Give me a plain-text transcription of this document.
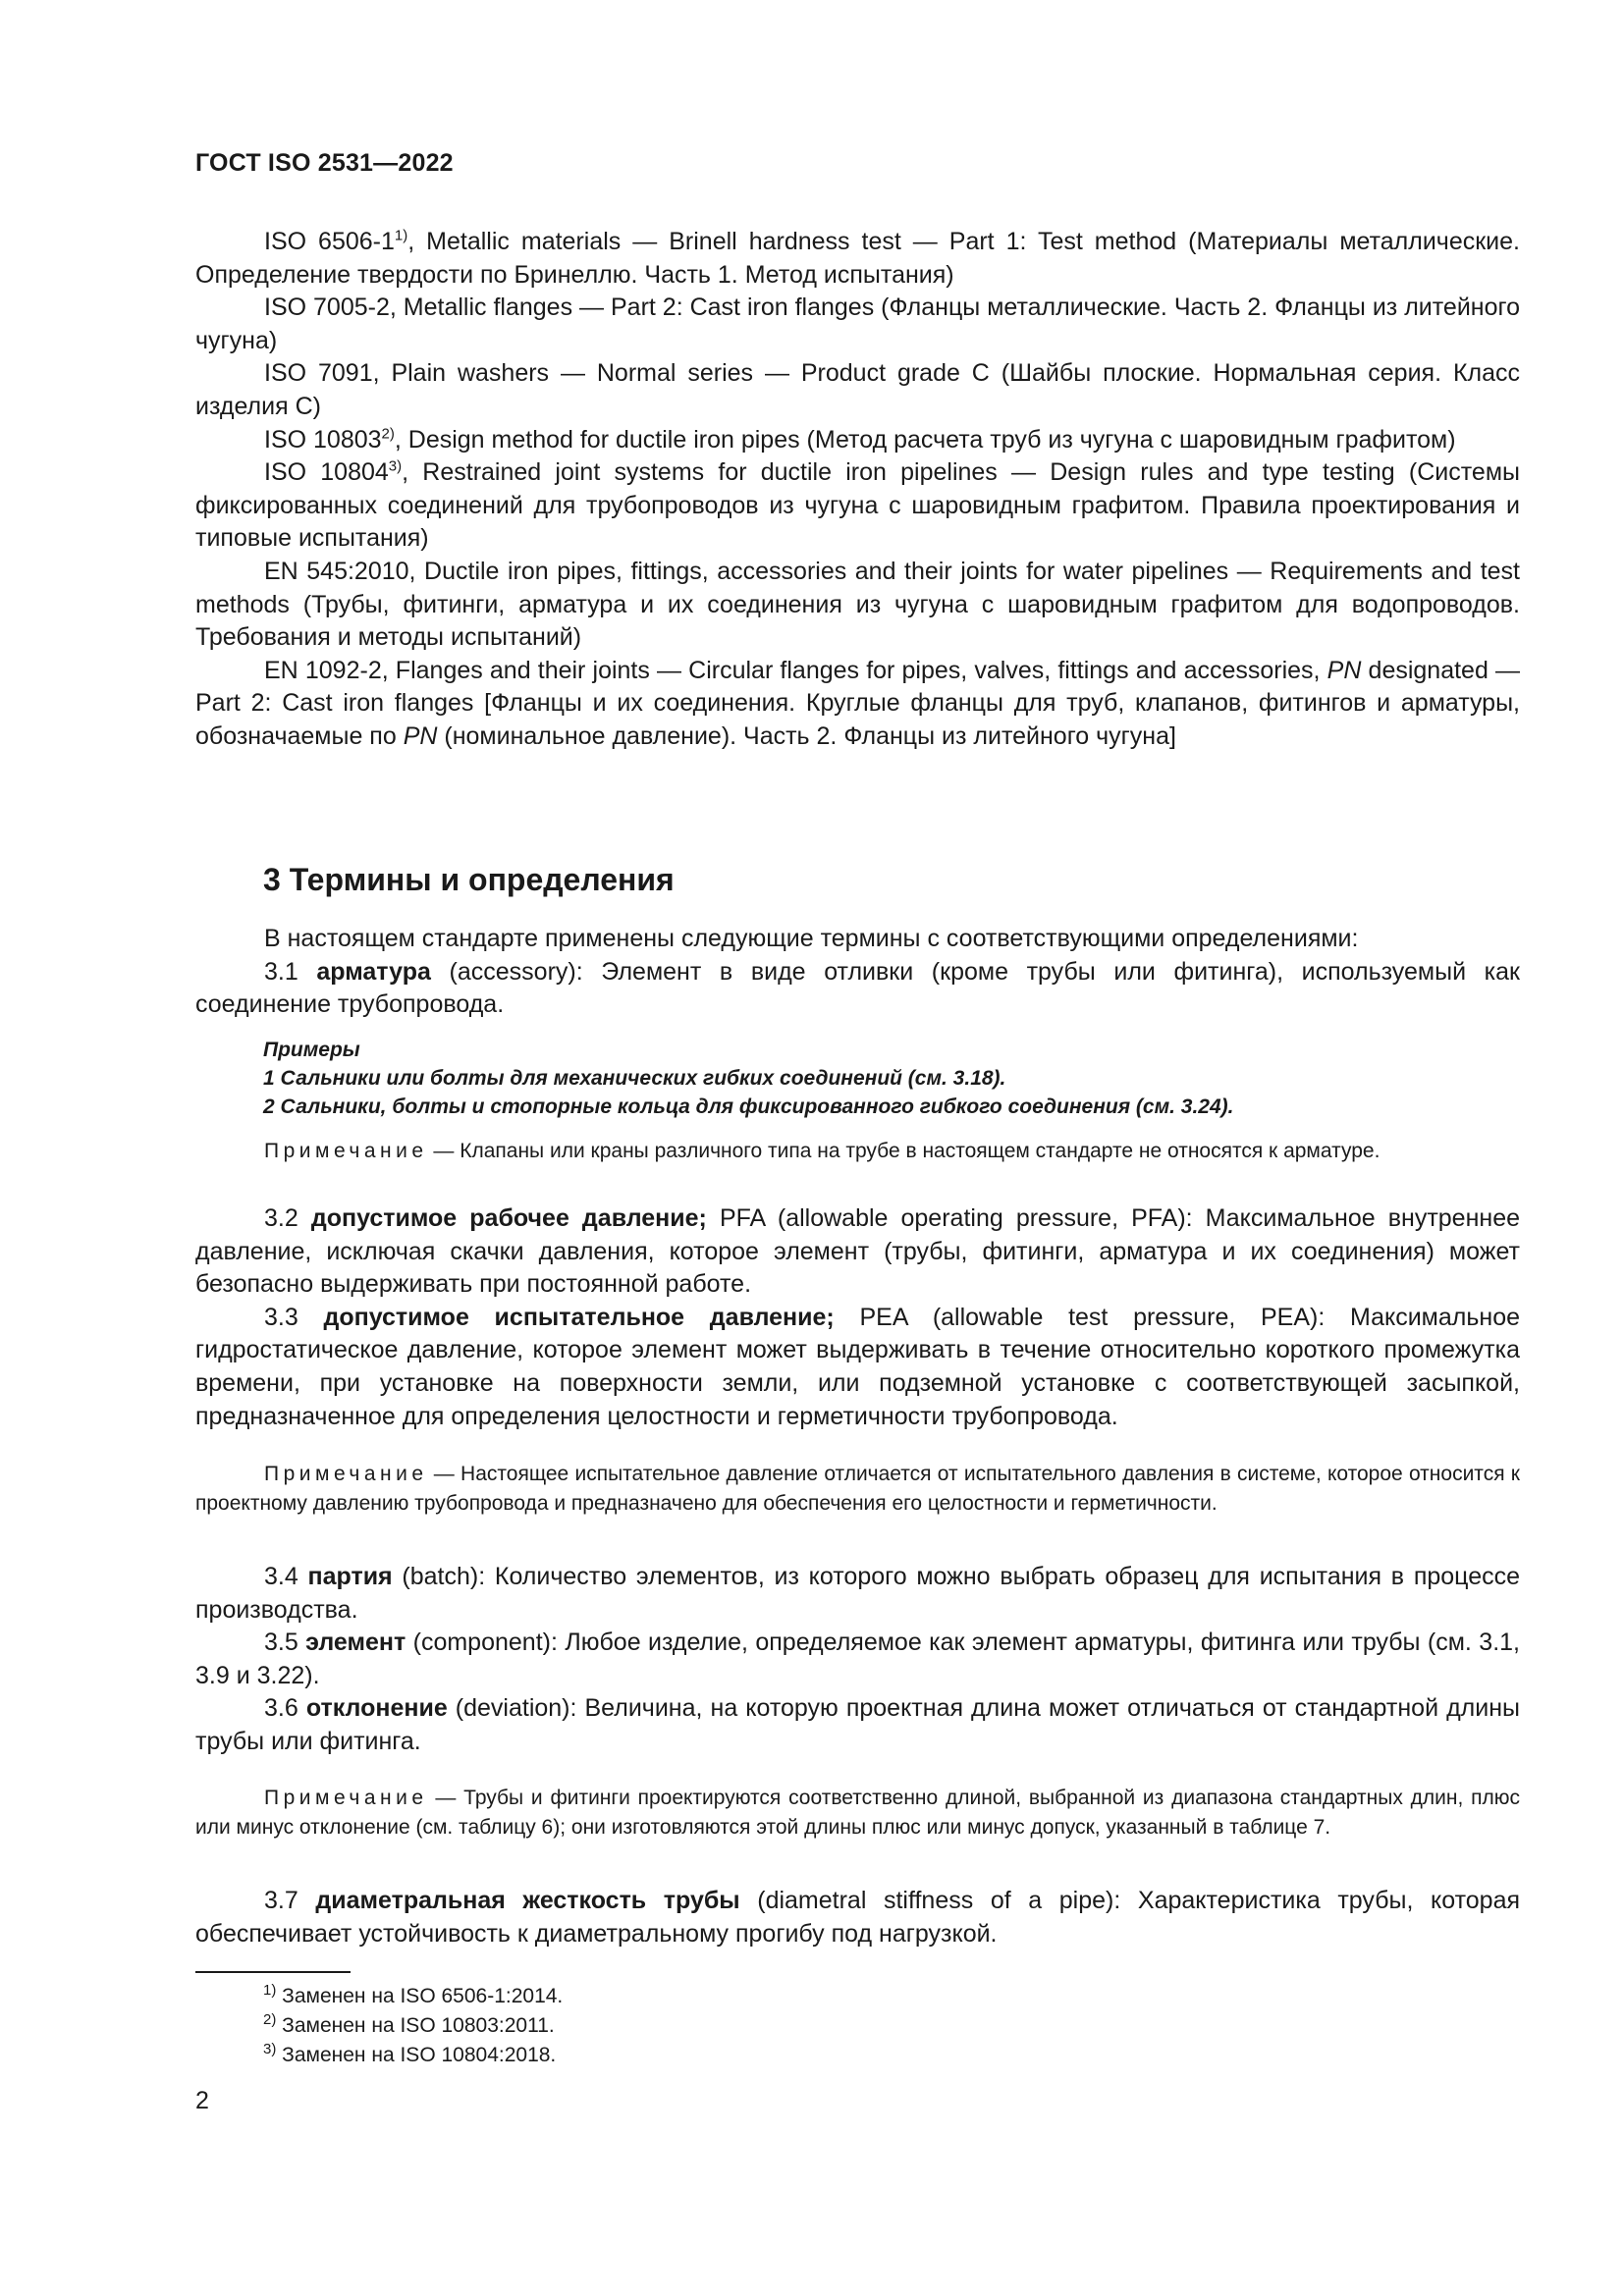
ГОСТ ISO 2531—2022

ISO 6506-1$^{1)}$, Metallic materials — Brinell hardness test — Part 1: Test method (Материалы металлические. Определение твердости по Бринеллю. Часть 1. Метод испытания)

ISO 7005-2, Metallic flanges — Part 2: Cast iron flanges (Фланцы металлические. Часть 2. Фланцы из литейного чугуна)

ISO 7091, Plain washers — Normal series — Product grade C (Шайбы плоские. Нормальная серия. Класс изделия C)

ISO 10803$^{2)}$, Design method for ductile iron pipes (Метод расчета труб из чугуна с шаровидным графитом)

ISO 10804$^{3)}$, Restrained joint systems for ductile iron pipelines — Design rules and type testing (Системы фиксированных соединений для трубопроводов из чугуна с шаровидным графитом. Правила проектирования и типовые испытания)

EN 545:2010, Ductile iron pipes, fittings, accessories and their joints for water pipelines — Requirements and test methods (Трубы, фитинги, арматура и их соединения из чугуна с шаровидным графитом для водопроводов. Требования и методы испытаний)

EN 1092-2, Flanges and their joints — Circular flanges for pipes, valves, fittings and accessories, PN designated — Part 2: Cast iron flanges [Фланцы и их соединения. Круглые фланцы для труб, клапанов, фитингов и арматуры, обозначаемые по PN (номинальное давление). Часть 2. Фланцы из литейного чугуна]

3 Термины и определения

В настоящем стандарте применены следующие термины с соответствующими определениями:

3.1 арматура (accessory): Элемент в виде отливки (кроме трубы или фитинга), используемый как соединение трубопровода.

Примеры
1 Сальники или болты для механических гибких соединений (см. 3.18).
2 Сальники, болты и стопорные кольца для фиксированного гибкого соединения (см. 3.24).

Примечание — Клапаны или краны различного типа на трубе в настоящем стандарте не относятся к арматуре.

3.2 допустимое рабочее давление; PFA (allowable operating pressure, PFA): Максимальное внутреннее давление, исключая скачки давления, которое элемент (трубы, фитинги, арматура и их соединения) может безопасно выдерживать при постоянной работе.

3.3 допустимое испытательное давление; PEA (allowable test pressure, PEA): Максимальное гидростатическое давление, которое элемент может выдерживать в течение относительно короткого промежутка времени, при установке на поверхности земли, или подземной установке с соответствующей засыпкой, предназначенное для определения целостности и герметичности трубопровода.

Примечание — Настоящее испытательное давление отличается от испытательного давления в системе, которое относится к проектному давлению трубопровода и предназначено для обеспечения его целостности и герметичности.

3.4 партия (batch): Количество элементов, из которого можно выбрать образец для испытания в процессе производства.

3.5 элемент (component): Любое изделие, определяемое как элемент арматуры, фитинга или трубы (см. 3.1, 3.9 и 3.22).

3.6 отклонение (deviation): Величина, на которую проектная длина может отличаться от стандартной длины трубы или фитинга.

Примечание — Трубы и фитинги проектируются соответственно длиной, выбранной из диапазона стандартных длин, плюс или минус отклонение (см. таблицу 6); они изготовляются этой длины плюс или минус допуск, указанный в таблице 7.

3.7 диаметральная жесткость трубы (diametral stiffness of a pipe): Характеристика трубы, которая обеспечивает устойчивость к диаметральному прогибу под нагрузкой.

$^{1)}$ Заменен на ISO 6506-1:2014.

$^{2)}$ Заменен на ISO 10803:2011.

$^{3)}$ Заменен на ISO 10804:2018.

2
